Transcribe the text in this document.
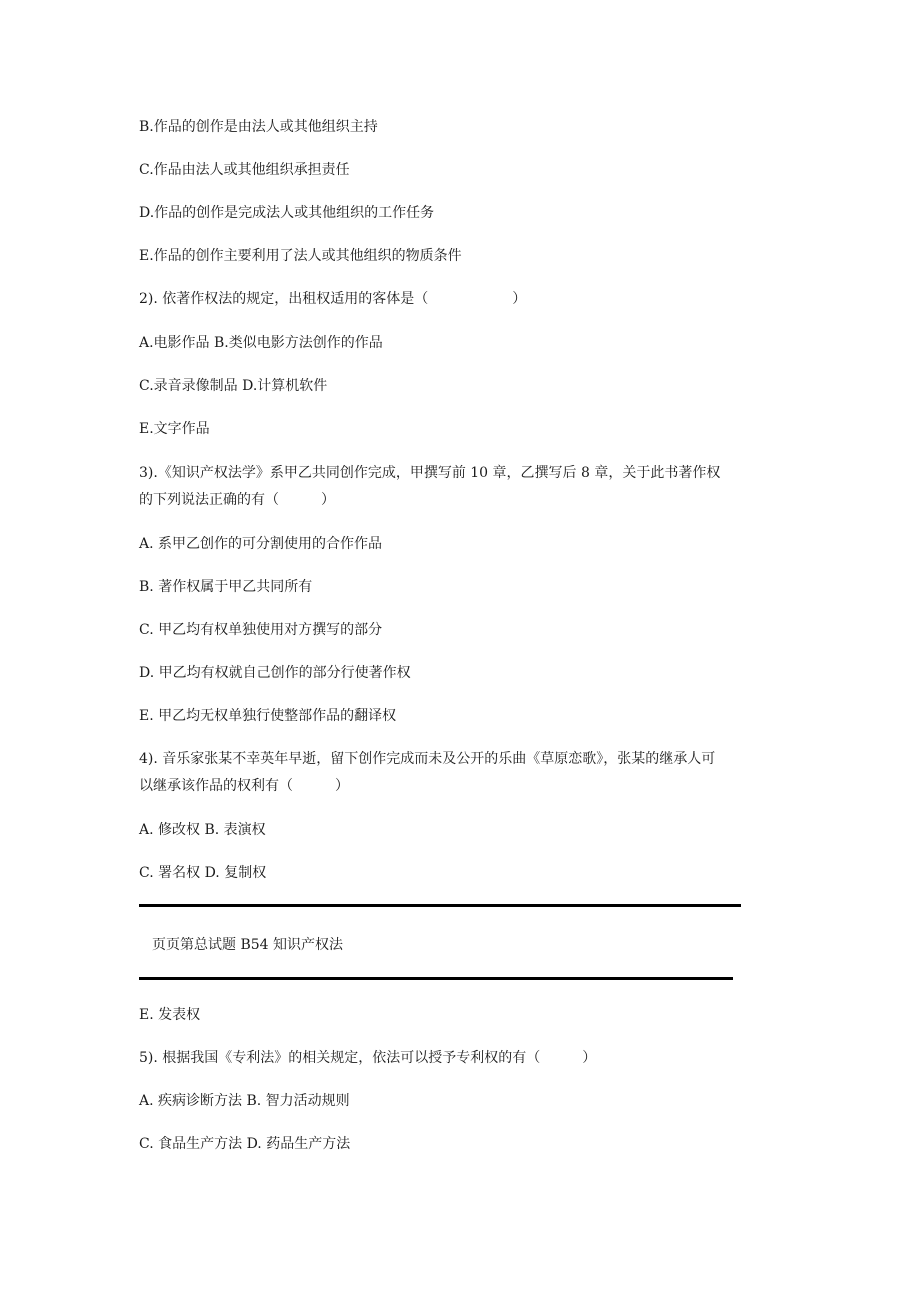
B.作品的创作是由法人或其他组织主持
C.作品由法人或其他组织承担责任
D.作品的创作是完成法人或其他组织的工作任务
E.作品的创作主要利用了法人或其他组织的物质条件
2). 依著作权法的规定，出租权适用的客体是（　　　　　　）
A.电影作品 B.类似电影方法创作的作品
C.录音录像制品 D.计算机软件
E.文字作品
3).《知识产权法学》系甲乙共同创作完成，甲撰写前 10 章，乙撰写后 8 章，关于此书著作权
的下列说法正确的有（　　　）
A. 系甲乙创作的可分割使用的合作作品
B. 著作权属于甲乙共同所有
C. 甲乙均有权单独使用对方撰写的部分
D. 甲乙均有权就自己创作的部分行使著作权
E. 甲乙均无权单独行使整部作品的翻译权
4). 音乐家张某不幸英年早逝，留下创作完成而未及公开的乐曲《草原恋歌》，张某的继承人可
以继承该作品的权利有（　　　）
A. 修改权 B. 表演权
C. 署名权 D. 复制权
页页第总试题 B54 知识产权法
E. 发表权
5). 根据我国《专利法》的相关规定，依法可以授予专利权的有（　　　）
A. 疾病诊断方法 B. 智力活动规则
C. 食品生产方法 D. 药品生产方法
